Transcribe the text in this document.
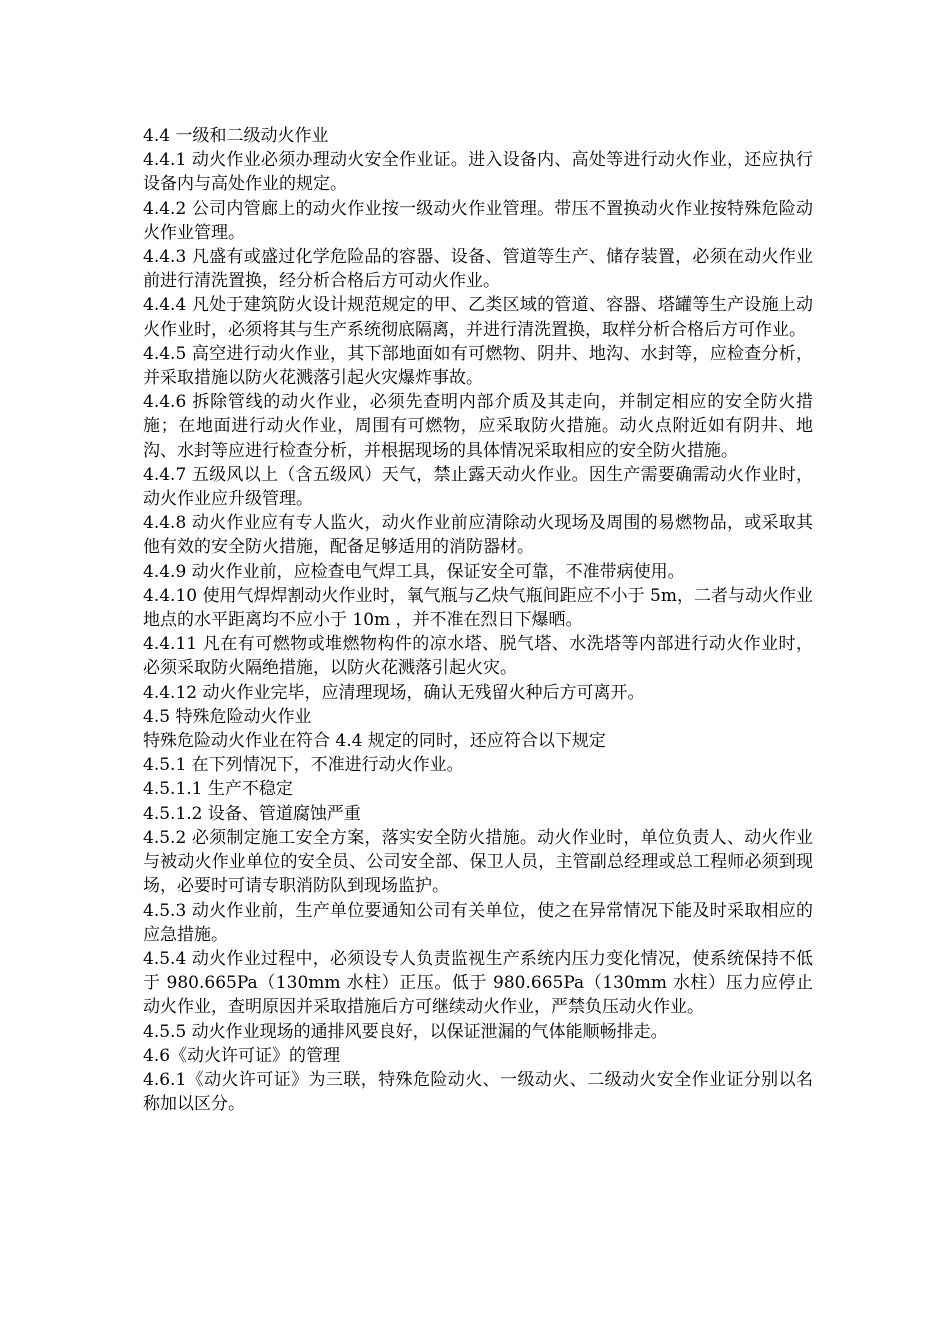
4.4 一级和二级动火作业

4.4.1 动火作业必须办理动火安全作业证。进入设备内、高处等进行动火作业，还应执行设备内与高处作业的规定。

4.4.2 公司内管廊上的动火作业按一级动火作业管理。带压不置换动火作业按特殊危险动火作业管理。

4.4.3 凡盛有或盛过化学危险品的容器、设备、管道等生产、储存装置，必须在动火作业前进行清洗置换，经分析合格后方可动火作业。

4.4.4 凡处于建筑防火设计规范规定的甲、乙类区域的管道、容器、塔罐等生产设施上动火作业时，必须将其与生产系统彻底隔离，并进行清洗置换，取样分析合格后方可作业。

4.4.5 高空进行动火作业，其下部地面如有可燃物、阴井、地沟、水封等，应检查分析，并采取措施以防火花溅落引起火灾爆炸事故。

4.4.6 拆除管线的动火作业，必须先查明内部介质及其走向，并制定相应的安全防火措施；在地面进行动火作业，周围有可燃物，应采取防火措施。动火点附近如有阴井、地沟、水封等应进行检查分析，并根据现场的具体情况采取相应的安全防火措施。

4.4.7 五级风以上（含五级风）天气，禁止露天动火作业。因生产需要确需动火作业时，动火作业应升级管理。

4.4.8 动火作业应有专人监火，动火作业前应清除动火现场及周围的易燃物品，或采取其他有效的安全防火措施，配备足够适用的消防器材。

4.4.9 动火作业前，应检查电气焊工具，保证安全可靠，不准带病使用。

4.4.10 使用气焊焊割动火作业时，氧气瓶与乙炔气瓶间距应不小于 5m，二者与动火作业地点的水平距离均不应小于 10m ，并不准在烈日下爆晒。

4.4.11 凡在有可燃物或堆燃物构件的凉水塔、脱气塔、水洗塔等内部进行动火作业时，必须采取防火隔绝措施，以防火花溅落引起火灾。

4.4.12 动火作业完毕，应清理现场，确认无残留火种后方可离开。

4.5 特殊危险动火作业

特殊危险动火作业在符合 4.4 规定的同时，还应符合以下规定

4.5.1 在下列情况下，不准进行动火作业。

4.5.1.1 生产不稳定

4.5.1.2 设备、管道腐蚀严重

4.5.2 必须制定施工安全方案，落实安全防火措施。动火作业时，单位负责人、动火作业与被动火作业单位的安全员、公司安全部、保卫人员，主管副总经理或总工程师必须到现场，必要时可请专职消防队到现场监护。

4.5.3 动火作业前，生产单位要通知公司有关单位，使之在异常情况下能及时采取相应的应急措施。

4.5.4 动火作业过程中，必须设专人负责监视生产系统内压力变化情况，使系统保持不低于 980.665Pa（130mm 水柱）正压。低于 980.665Pa（130mm 水柱）压力应停止动火作业，查明原因并采取措施后方可继续动火作业，严禁负压动火作业。

4.5.5 动火作业现场的通排风要良好，以保证泄漏的气体能顺畅排走。

4.6《动火许可证》的管理

4.6.1《动火许可证》为三联，特殊危险动火、一级动火、二级动火安全作业证分别以名称加以区分。
